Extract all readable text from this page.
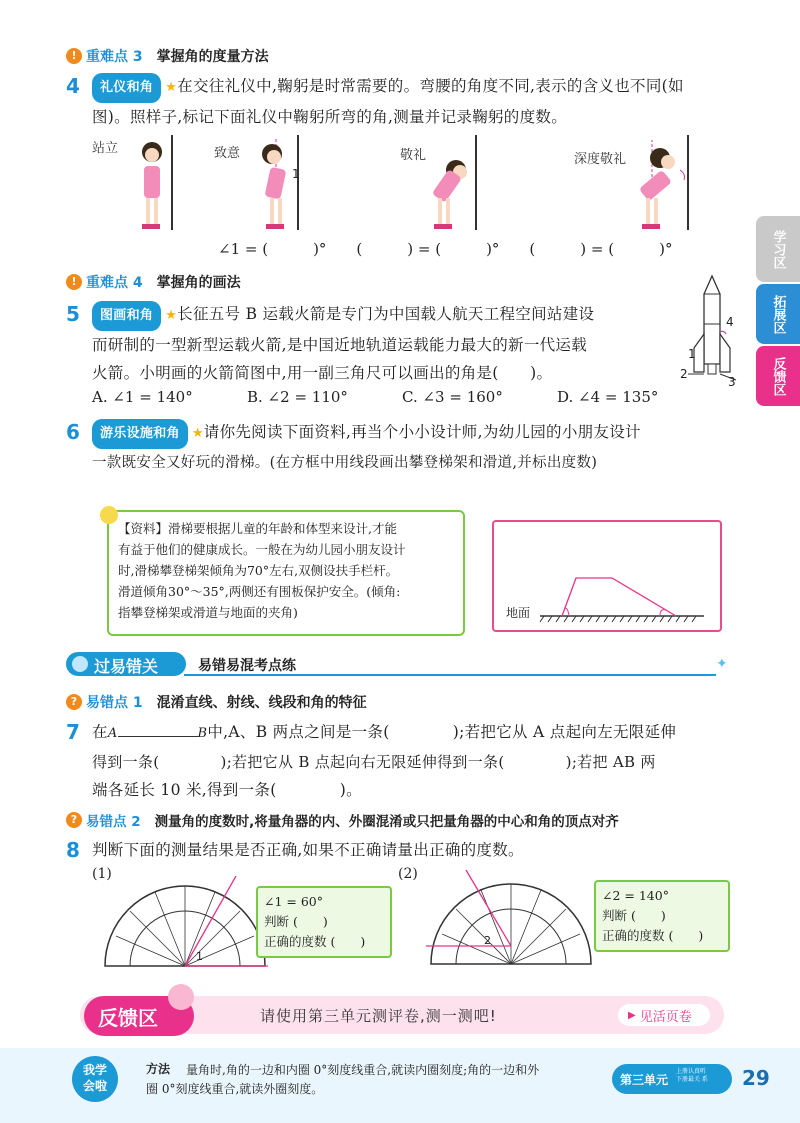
! 重难点 3 掌握角的度量方法
4	礼仪和角 ★在交往礼仪中,鞠躬是时常需要的。弯腰的角度不同,表示的含义也不同(如
图)。照样子,标记下面礼仪中鞠躬所弯的角,测量并记录鞠躬的度数。
1
站立	致意	敬礼	深度敬礼
∠1 = (　　　)°　　(　　　) = (　　　)°　　(　　　) = (　　　)°
! 重难点 4 掌握角的画法
5	图画和角 ★长征五号 B 运载火箭是专门为中国载人航天工程空间站建设
而研制的一型新型运载火箭,是中国近地轨道运载能力最大的新一代运载
火箭。小明画的火箭简图中,用一副三角尺可以画出的角是(　　)。
A. ∠1 = 140°	B. ∠2 = 110°	C. ∠3 = 160°	D. ∠4 = 135°
4
1
2
3
6	游乐设施和角 ★请你先阅读下面资料,再当个小小设计师,为幼儿园的小朋友设计
一款既安全又好玩的滑梯。(在方框中用线段画出攀登梯架和滑道,并标出度数)
【资料】滑梯要根据儿童的年龄和体型来设计,才能
有益于他们的健康成长。一般在为幼儿园小朋友设计
时,滑梯攀登梯架倾角为70°左右,双侧设扶手栏杆。
滑道倾角30°～35°,两侧还有围板保护安全。(倾角:
指攀登梯架或滑道与地面的夹角)	地面
过易错关	易错易混考点练	✦
? 易错点 1 混淆直线、射线、线段和角的特征
7 在A	B中,A、B 两点之间是一条(　　　　);若把它从 A 点起向左无限延伸
得到一条(　　　　);若把它从 B 点起向右无限延伸得到一条(　　　　);若把 AB 两
端各延长 10 米,得到一条(　　　　)。
? 易错点 2 测量角的度数时,将量角器的内、外圈混淆或只把量角器的中心和角的顶点对齐
8 判断下面的测量结果是否正确,如果不正确请量出正确的度数。
(1)	(2)
1
∠1 = 60°
判断 (　　)
正确的度数 (　　)	2
∠2 = 140°
判断 (　　)
正确的度数 (　　)
反馈区	请使用第三单元测评卷,测一测吧!	▶ 见活页卷
学习区
拓展区
反馈区
我学
会啦
方法 量角时,角的一边和内圈 0°刻度线重合,就读内圈刻度;角的一边和外
圈 0°刻度线重合,就读外圈刻度。
第三单元
上册认真听 下册最关 系 29
